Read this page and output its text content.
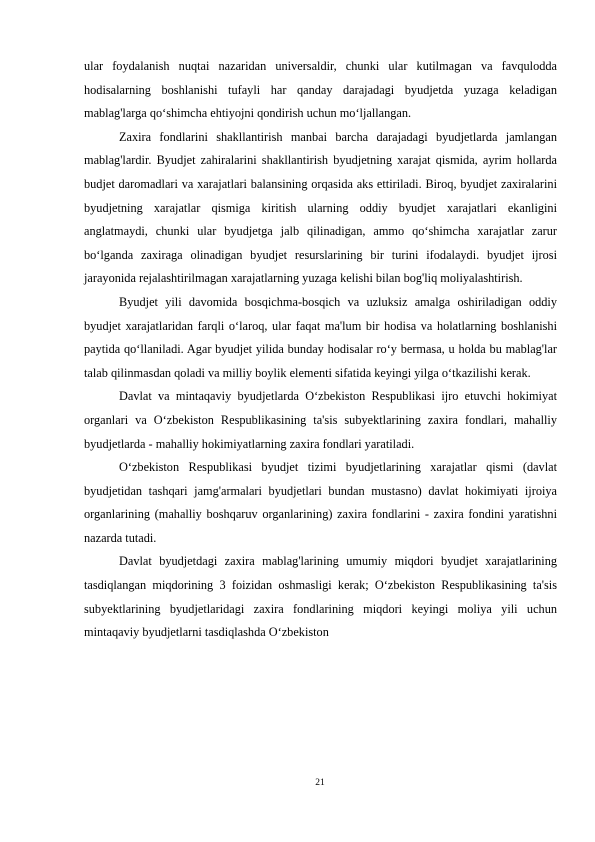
ular foydalanish nuqtai nazaridan universaldir, chunki ular kutilmagan va favqulodda hodisalarning boshlanishi tufayli har qanday darajadagi byudjetda yuzaga keladigan mablag'larga qo‘shimcha ehtiyojni qondirish uchun mo‘ljallangan.

Zaxira fondlarini shakllantirish manbai barcha darajadagi byudjetlarda jamlangan mablag'lardir. Byudjet zahiralarini shakllantirish byudjetning xarajat qismida, ayrim hollarda budjet daromadlari va xarajatlari balansining orqasida aks ettiriladi. Biroq, byudjet zaxiralarini byudjetning xarajatlar qismiga kiritish ularning oddiy byudjet xarajatlari ekanligini anglatmaydi, chunki ular byudjetga jalb qilinadigan, ammo qo‘shimcha xarajatlar zarur bo‘lganda zaxiraga olinadigan byudjet resurslarining bir turini ifodalaydi. byudjet ijrosi jarayonida rejalashtirilmagan xarajatlarning yuzaga kelishi bilan bog'liq moliyalashtirish.

Byudjet yili davomida bosqichma-bosqich va uzluksiz amalga oshiriladigan oddiy byudjet xarajatlaridan farqli o‘laroq, ular faqat ma'lum bir hodisa va holatlarning boshlanishi paytida qo‘llaniladi. Agar byudjet yilida bunday hodisalar ro‘y bermasa, u holda bu mablag'lar talab qilinmasdan qoladi va milliy boylik elementi sifatida keyingi yilga o‘tkazilishi kerak.

Davlat va mintaqaviy byudjetlarda O‘zbekiston Respublikasi ijro etuvchi hokimiyat organlari va O‘zbekiston Respublikasining ta'sis subyektlarining zaxira fondlari, mahalliy byudjetlarda - mahalliy hokimiyatlarning zaxira fondlari yaratiladi.

O‘zbekiston Respublikasi byudjet tizimi byudjetlarining xarajatlar qismi (davlat byudjetidan tashqari jamg'armalari byudjetlari bundan mustasno) davlat hokimiyati ijroiya organlarining (mahalliy boshqaruv organlarining) zaxira fondlarini - zaxira fondini yaratishni nazarda tutadi.

Davlat byudjetdagi zaxira mablag'larining umumiy miqdori byudjet xarajatlarining tasdiqlangan miqdorining 3 foizidan oshmasligi kerak; O‘zbekiston Respublikasining ta'sis subyektlarining byudjetlaridagi zaxira fondlarining miqdori keyingi moliya yili uchun mintaqaviy byudjetlarni tasdiqlashda O‘zbekiston

21
